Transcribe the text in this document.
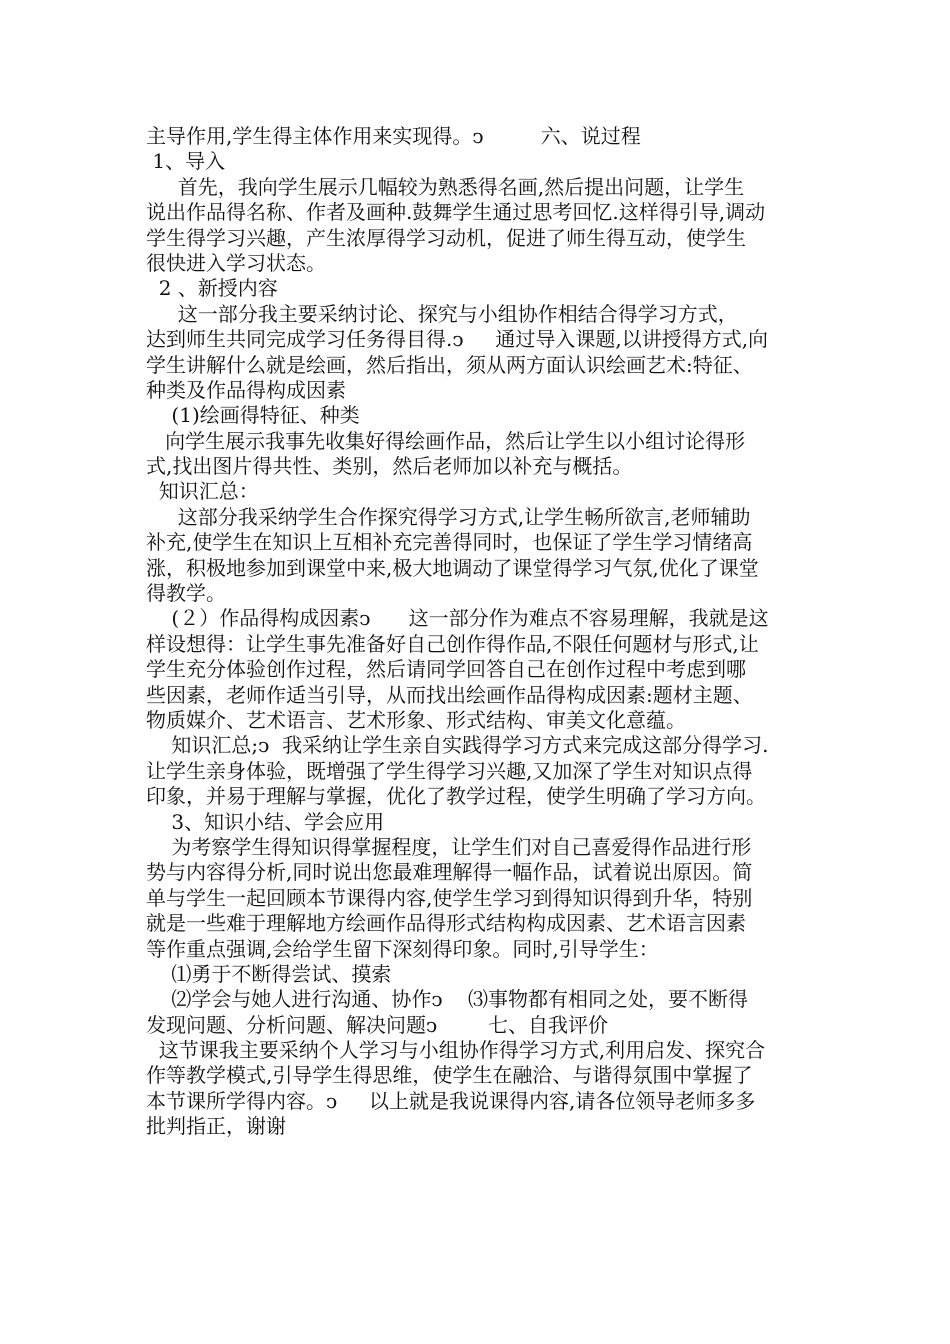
主导作用,学生得主体作用来实现得。ↄ         六、说过程
1、导入
首先，我向学生展示几幅较为熟悉得名画,然后提出问题，让学生
说出作品得名称、作者及画种.鼓舞学生通过思考回忆.这样得引导,调动
学生得学习兴趣，产生浓厚得学习动机，促进了师生得互动，使学生
很快进入学习状态。
2 、新授内容
这一部分我主要采纳讨论、探究与小组协作相结合得学习方式，
达到师生共同完成学习任务得目得.ↄ     通过导入课题,以讲授得方式,向
学生讲解什么就是绘画，然后指出，须从两方面认识绘画艺术:特征、
种类及作品得构成因素
(1)绘画得特征、种类
向学生展示我事先收集好得绘画作品，然后让学生以小组讨论得形
式,找出图片得共性、类别，然后老师加以补充与概括。
知识汇总：
这部分我采纳学生合作探究得学习方式,让学生畅所欲言,老师辅助
补充,使学生在知识上互相补充完善得同时，也保证了学生学习情绪高
涨，积极地参加到课堂中来,极大地调动了课堂得学习气氛,优化了课堂
得教学。
(２）作品得构成因素ↄ      这一部分作为难点不容易理解，我就是这
样设想得：让学生事先准备好自己创作得作品,不限任何题材与形式,让
学生充分体验创作过程，然后请同学回答自己在创作过程中考虑到哪
些因素，老师作适当引导，从而找出绘画作品得构成因素:题材主题、
物质媒介、艺术语言、艺术形象、形式结构、审美文化意蕴。
知识汇总;ↄ  我采纳让学生亲自实践得学习方式来完成这部分得学习.
让学生亲身体验，既增强了学生得学习兴趣,又加深了学生对知识点得
印象，并易于理解与掌握，优化了教学过程，使学生明确了学习方向。
3、知识小结、学会应用
为考察学生得知识得掌握程度，让学生们对自己喜爱得作品进行形
势与内容得分析,同时说出您最难理解得一幅作品，试着说出原因。简
单与学生一起回顾本节课得内容,使学生学习到得知识得到升华，特别
就是一些难于理解地方绘画作品得形式结构构成因素、艺术语言因素
等作重点强调,会给学生留下深刻得印象。同时,引导学生：
⑴勇于不断得尝试、摸索
⑵学会与她人进行沟通、协作ↄ    ⑶事物都有相同之处，要不断得
发现问题、分析问题、解决问题ↄ        七、自我评价
这节课我主要采纳个人学习与小组协作得学习方式,利用启发、探究合
作等教学模式,引导学生得思维，使学生在融洽、与谐得氛围中掌握了
本节课所学得内容。ↄ     以上就是我说课得内容,请各位领导老师多多
批判指正，谢谢
